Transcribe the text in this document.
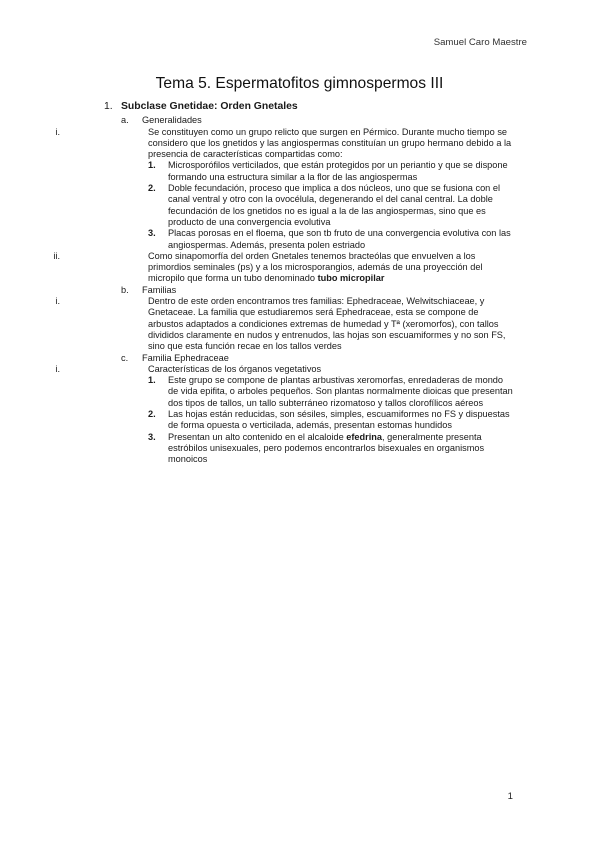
Samuel Caro Maestre
Tema 5. Espermatofitos gimnospermos III
1. Subclase Gnetidae: Orden Gnetales
a. Generalidades
i.	Se constituyen como un grupo relicto que surgen en Pérmico. Durante mucho tiempo se considero que los gnetidos y las angiospermas constituían un grupo hermano debido a la presencia de características compartidas como:
1. Microsporófilos verticilados, que están protegidos por un periantio y que se dispone formando una estructura similar a la flor de las angiospermas
2. Doble fecundación, proceso que implica a dos núcleos, uno que se fusiona con el canal ventral y otro con la ovocélula, degenerando el del canal central. La doble fecundación de los gnetidos no es igual a la de las angiospermas, sino que es producto de una convergencia evolutiva
3. Placas porosas en el floema, que son tb fruto de una convergencia evolutiva con las angiospermas. Además, presenta polen estriado
ii.	Como sinapomorfía del orden Gnetales tenemos bracteólas que envuelven a los primordios seminales (ps) y a los microsporangios, además de una proyección del micropilo que forma un tubo denominado tubo micropilar
b. Familias
i.	Dentro de este orden encontramos tres familias: Ephedraceae, Welwitschiaceae, y Gnetaceae. La familia que estudiaremos será Ephedraceae, esta se compone de arbustos adaptados a condiciones extremas de humedad y Tª (xeromorfos), con tallos divididos claramente en nudos y entrenudos, las hojas son escuamiformes y no son FS, sino que esta función recae en los tallos verdes
c. Familia Ephedraceae
i.	Características de los órganos vegetativos
1. Este grupo se compone de plantas arbustivas xeromorfas, enredaderas de mondo de vida epifita, o arboles pequeños. Son plantas normalmente dioicas que presentan dos tipos de tallos, un tallo subterráneo rizomatoso y tallos clorofílicos aéreos
2. Las hojas están reducidas, son sésiles, simples, escuamiformes no FS y dispuestas de forma opuesta o verticilada, además, presentan estomas hundidos
3. Presentan un alto contenido en el alcaloide efedrina, generalmente presenta estróbilos unisexuales, pero podemos encontrarlos bisexuales en organismos monoicos
1
